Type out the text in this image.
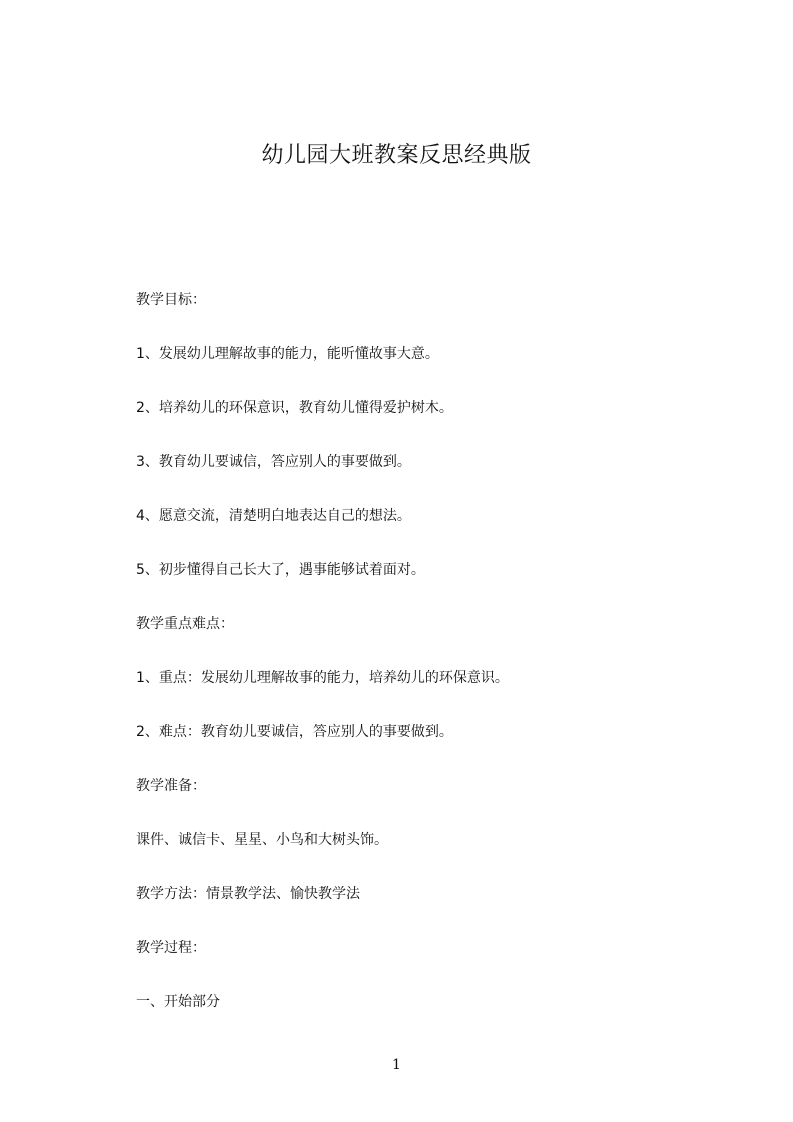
幼儿园大班教案反思经典版
教学目标：
1、发展幼儿理解故事的能力，能听懂故事大意。
2、培养幼儿的环保意识，教育幼儿懂得爱护树木。
3、教育幼儿要诚信，答应别人的事要做到。
4、愿意交流，清楚明白地表达自己的想法。
5、初步懂得自己长大了，遇事能够试着面对。
教学重点难点：
1、重点：发展幼儿理解故事的能力，培养幼儿的环保意识。
2、难点：教育幼儿要诚信，答应别人的事要做到。
教学准备：
课件、诚信卡、星星、小鸟和大树头饰。
教学方法：情景教学法、愉快教学法
教学过程：
一、开始部分
1
